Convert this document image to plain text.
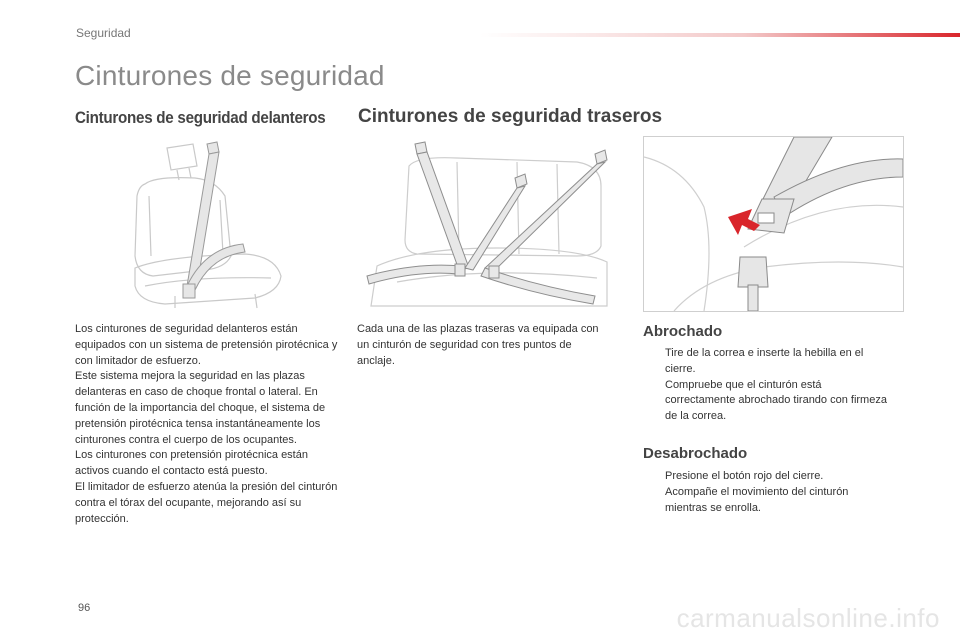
Seguridad
Cinturones de seguridad
Cinturones de seguridad delanteros Cinturones de seguridad traseros
Los cinturones de seguridad delanteros están equipados con un sistema de pretensión pirotécnica y con limitador de esfuerzo.
Este sistema mejora la seguridad en las plazas delanteras en caso de choque frontal o lateral. En función de la importancia del choque, el sistema de pretensión pirotécnica tensa instantáneamente los cinturones contra el cuerpo de los ocupantes.
Los cinturones con pretensión pirotécnica están activos cuando el contacto está puesto.
El limitador de esfuerzo atenúa la presión del cinturón contra el tórax del ocupante, mejorando así su protección.
Cada una de las plazas traseras va equipada con un cinturón de seguridad con tres puntos de anclaje.
Abrochado
Tire de la correa e inserte la hebilla en el cierre.
Compruebe que el cinturón está correctamente abrochado tirando con firmeza de la correa.
Desabrochado
Presione el botón rojo del cierre.
Acompañe el movimiento del cinturón mientras se enrolla.
96	carmanualsonline.info
